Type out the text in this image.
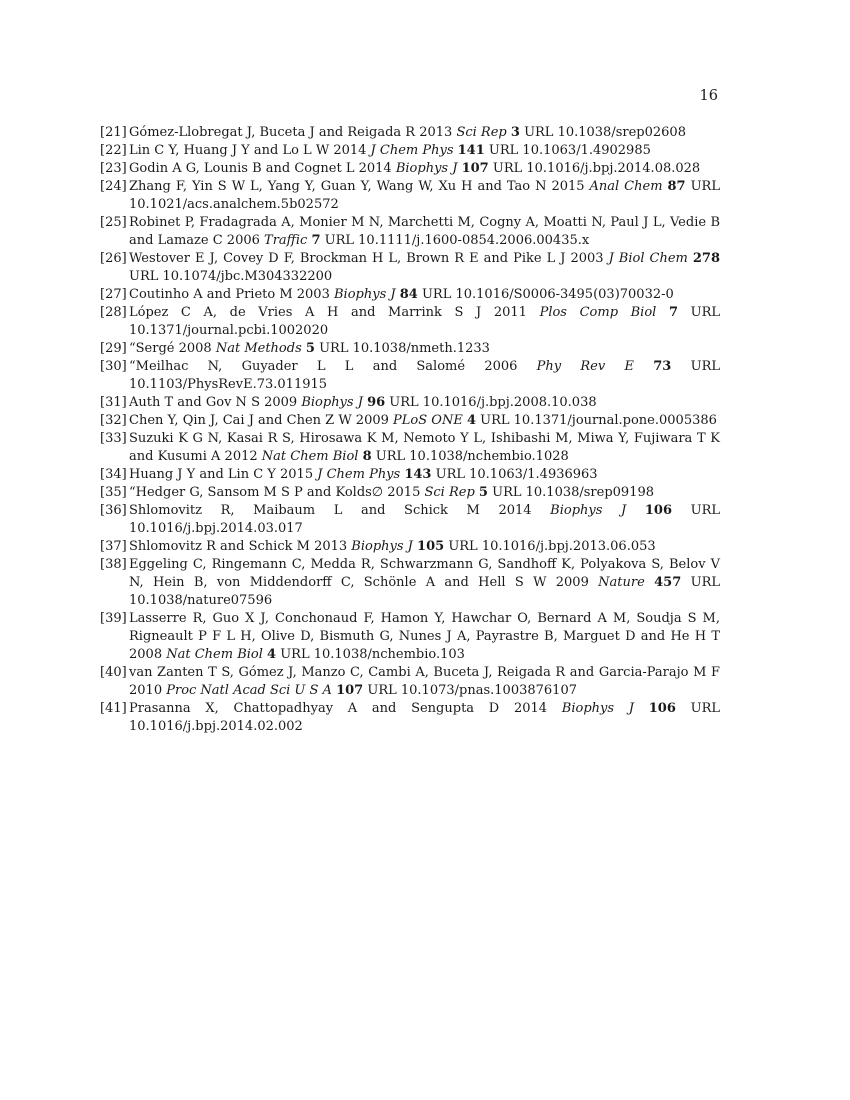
16
[21] Gómez-Llobregat J, Buceta J and Reigada R 2013 Sci Rep 3 URL 10.1038/srep02608
[22] Lin C Y, Huang J Y and Lo L W 2014 J Chem Phys 141 URL 10.1063/1.4902985
[23] Godin A G, Lounis B and Cognet L 2014 Biophys J 107 URL 10.1016/j.bpj.2014.08.028
[24] Zhang F, Yin S W L, Yang Y, Guan Y, Wang W, Xu H and Tao N 2015 Anal Chem 87 URL 10.1021/acs.analchem.5b02572
[25] Robinet P, Fradagrada A, Monier M N, Marchetti M, Cogny A, Moatti N, Paul J L, Vedie B and Lamaze C 2006 Traffic 7 URL 10.1111/j.1600-0854.2006.00435.x
[26] Westover E J, Covey D F, Brockman H L, Brown R E and Pike L J 2003 J Biol Chem 278 URL 10.1074/jbc.M304332200
[27] Coutinho A and Prieto M 2003 Biophys J 84 URL 10.1016/S0006-3495(03)70032-0
[28] López C A, de Vries A H and Marrink S J 2011 Plos Comp Biol 7 URL 10.1371/journal.pcbi.1002020
[29] “Sergé 2008 Nat Methods 5 URL 10.1038/nmeth.1233
[30] “Meilhac N, Guyader L L and Salomé 2006 Phy Rev E 73 URL 10.1103/PhysRevE.73.011915
[31] Auth T and Gov N S 2009 Biophys J 96 URL 10.1016/j.bpj.2008.10.038
[32] Chen Y, Qin J, Cai J and Chen Z W 2009 PLoS ONE 4 URL 10.1371/journal.pone.0005386
[33] Suzuki K G N, Kasai R S, Hirosawa K M, Nemoto Y L, Ishibashi M, Miwa Y, Fujiwara T K and Kusumi A 2012 Nat Chem Biol 8 URL 10.1038/nchembio.1028
[34] Huang J Y and Lin C Y 2015 J Chem Phys 143 URL 10.1063/1.4936963
[35] “Hedger G, Sansom M S P and Kolds∅ 2015 Sci Rep 5 URL 10.1038/srep09198
[36] Shlomovitz R, Maibaum L and Schick M 2014 Biophys J 106 URL 10.1016/j.bpj.2014.03.017
[37] Shlomovitz R and Schick M 2013 Biophys J 105 URL 10.1016/j.bpj.2013.06.053
[38] Eggeling C, Ringemann C, Medda R, Schwarzmann G, Sandhoff K, Polyakova S, Belov V N, Hein B, von Middendorff C, Schönle A and Hell S W 2009 Nature 457 URL 10.1038/nature07596
[39] Lasserre R, Guo X J, Conchonaud F, Hamon Y, Hawchar O, Bernard A M, Soudja S M, Rigneault P F L H, Olive D, Bismuth G, Nunes J A, Payrastre B, Marguet D and He H T 2008 Nat Chem Biol 4 URL 10.1038/nchembio.103
[40] van Zanten T S, Gómez J, Manzo C, Cambi A, Buceta J, Reigada R and Garcia-Parajo M F 2010 Proc Natl Acad Sci U S A 107 URL 10.1073/pnas.1003876107
[41] Prasanna X, Chattopadhyay A and Sengupta D 2014 Biophys J 106 URL 10.1016/j.bpj.2014.02.002
